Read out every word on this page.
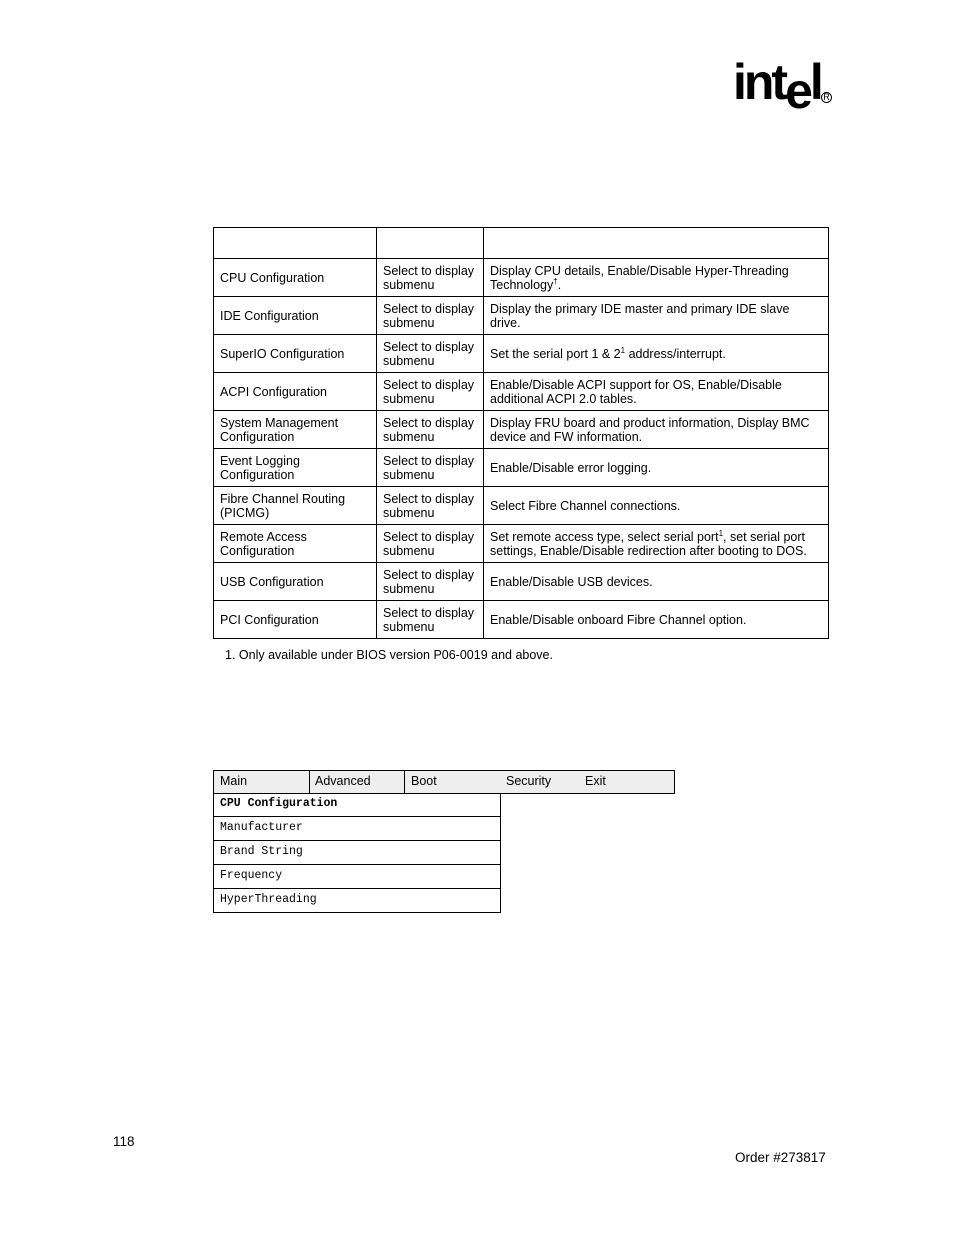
intel R

CPU Configuration	Select to display submenu	Display CPU details, Enable/Disable Hyper-Threading Technology†.
IDE Configuration	Select to display submenu	Display the primary IDE master and primary IDE slave drive.
SuperIO Configuration	Select to display submenu	Set the serial port 1 & $2^1$ address/interrupt.
ACPI Configuration	Select to display submenu	Enable/Disable ACPI support for OS, Enable/Disable additional ACPI 2.0 tables.
System Management Configuration	Select to display submenu	Display FRU board and product information, Display BMC device and FW information.
Event Logging Configuration	Select to display submenu	Enable/Disable error logging.
Fibre Channel Routing (PICMG)	Select to display submenu	Select Fibre Channel connections.
Remote Access Configuration	Select to display submenu	Set remote access type, select serial port$^1$, set serial port settings, Enable/Disable redirection after booting to DOS.
USB Configuration	Select to display submenu	Enable/Disable USB devices.
PCI Configuration	Select to display submenu	Enable/Disable onboard Fibre Channel option.
1. Only available under BIOS version P06-0019 and above.
Main	Advanced	Boot	Security	Exit
CPU Configuration
Manufacturer
Brand String
Frequency
HyperThreading
118
Order #273817
